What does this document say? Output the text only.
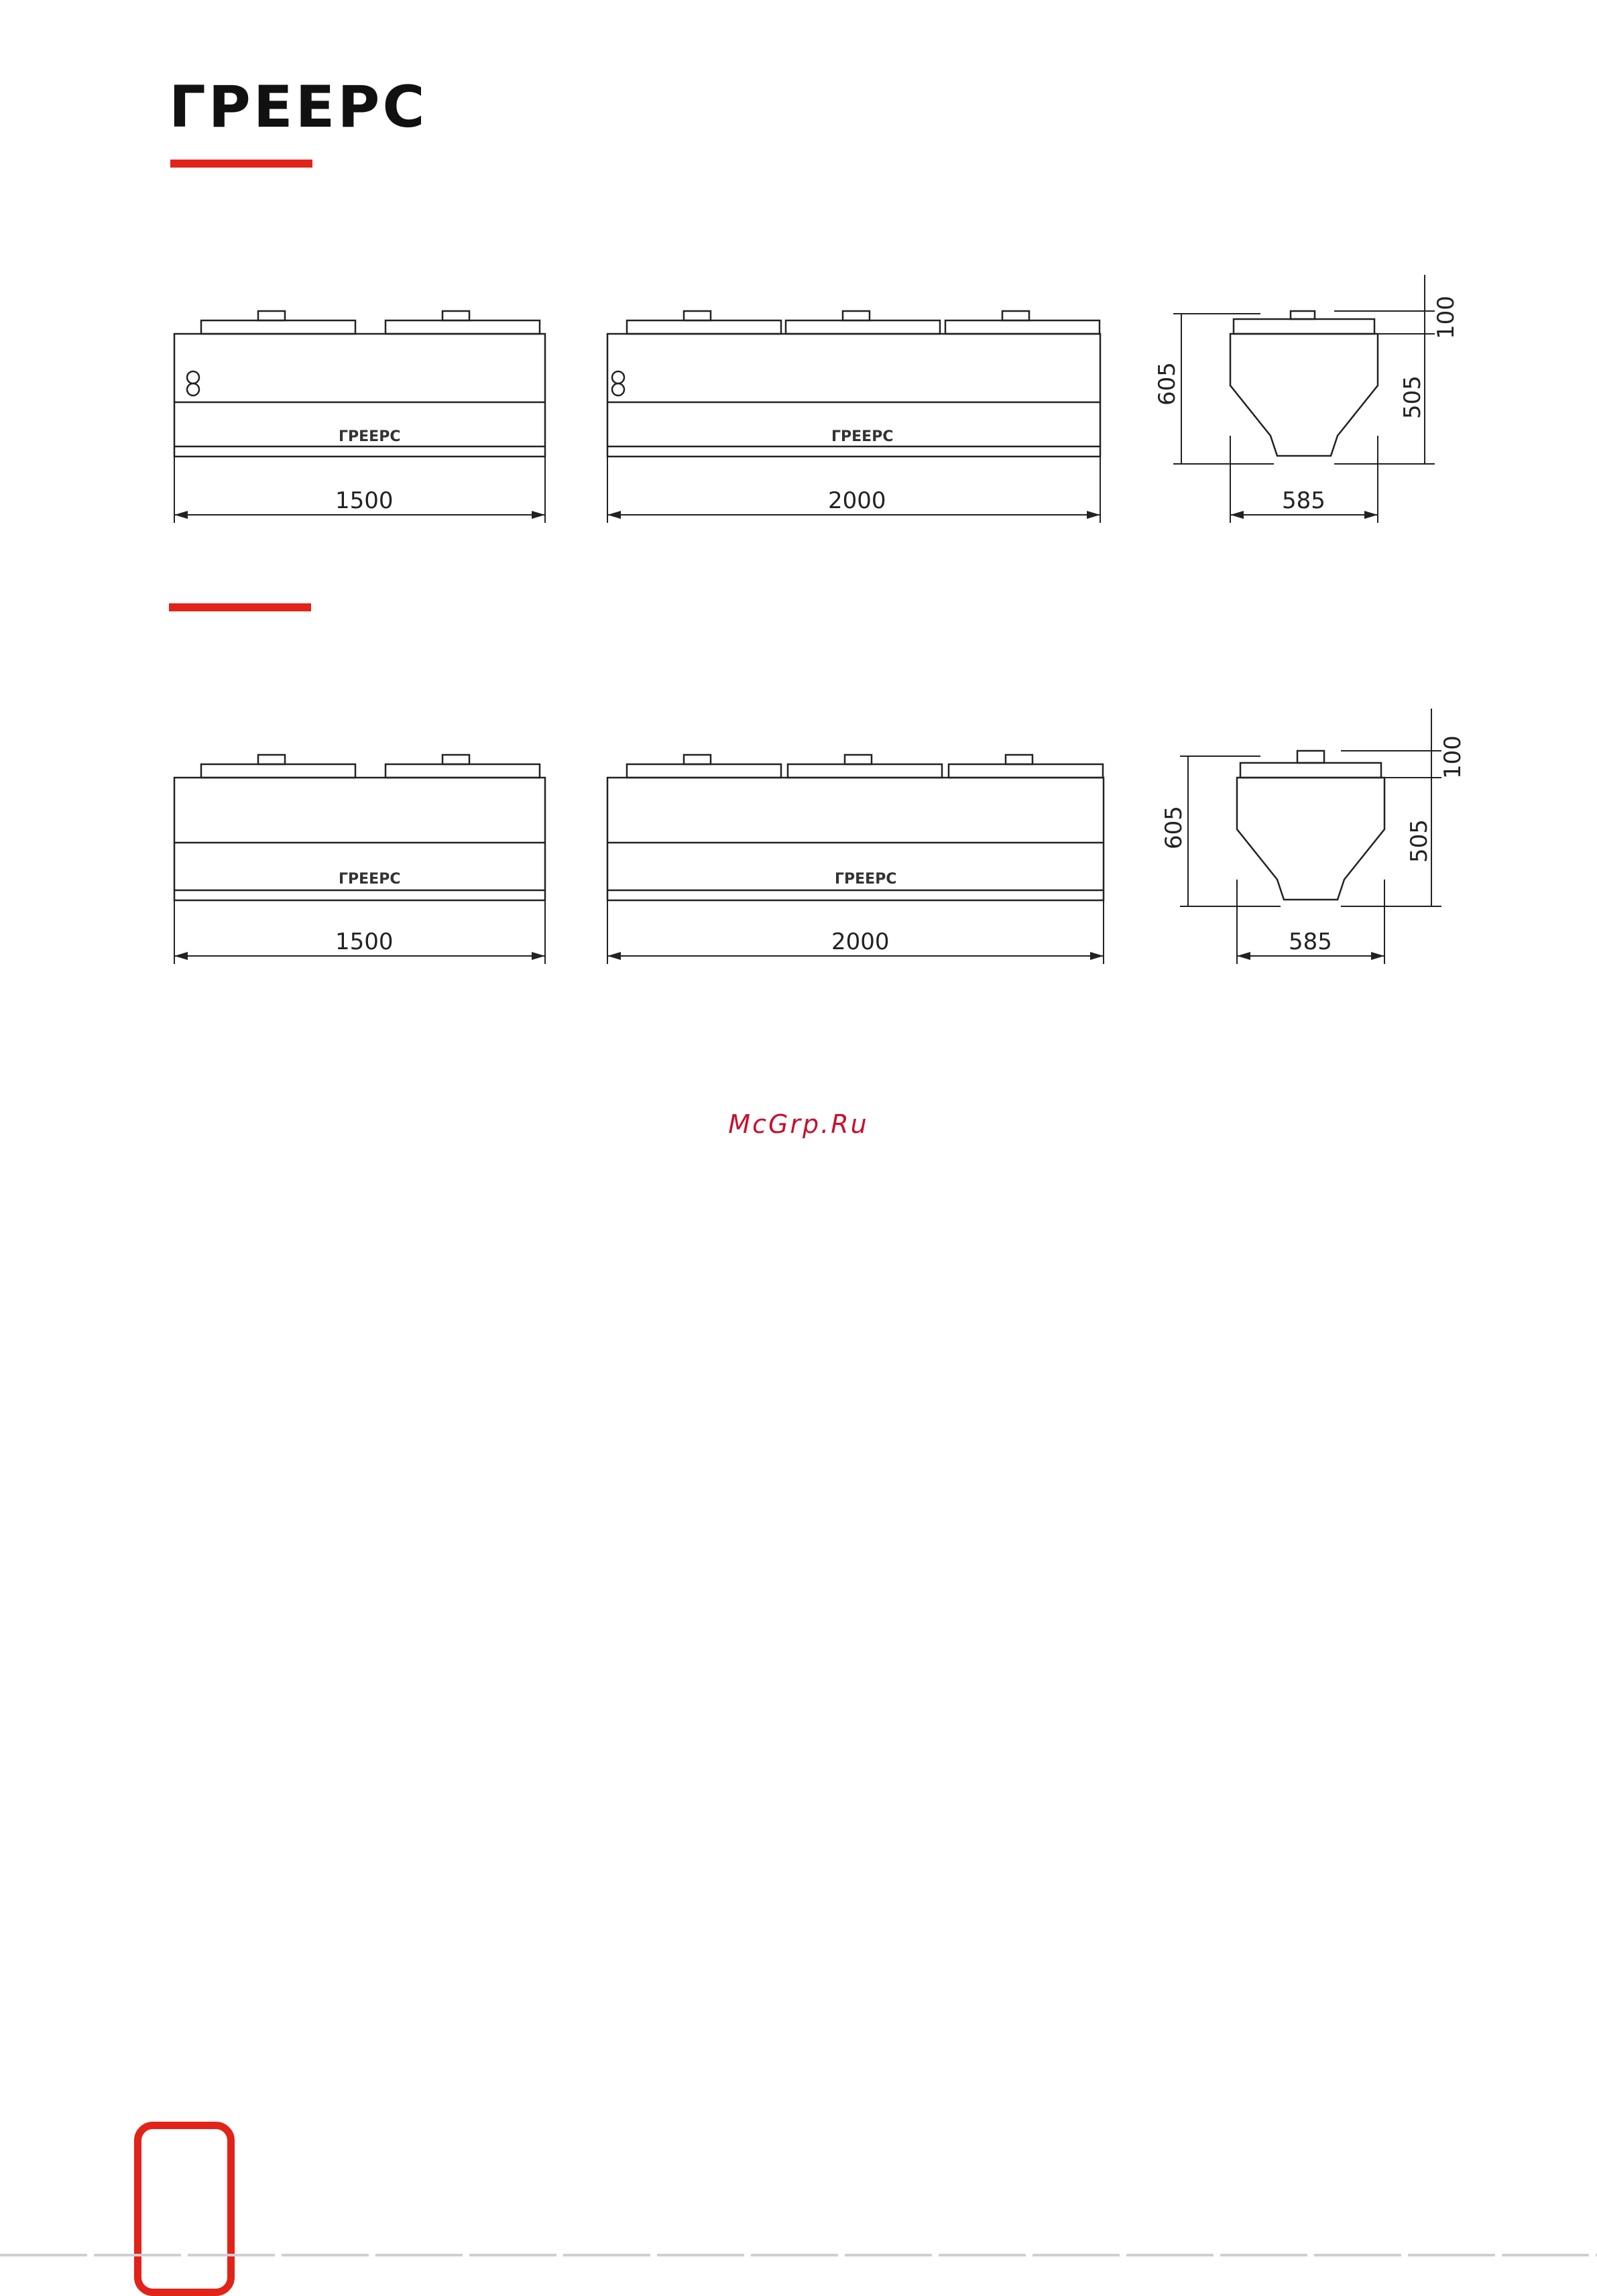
ГРЕЕРС
ГРЕЕРС	ГРЕЕРС
1500	2000	585
605
100
505
ГРЕЕРС	ГРЕЕРС
1500	2000	585
605
100
505
McGrp.Ru
